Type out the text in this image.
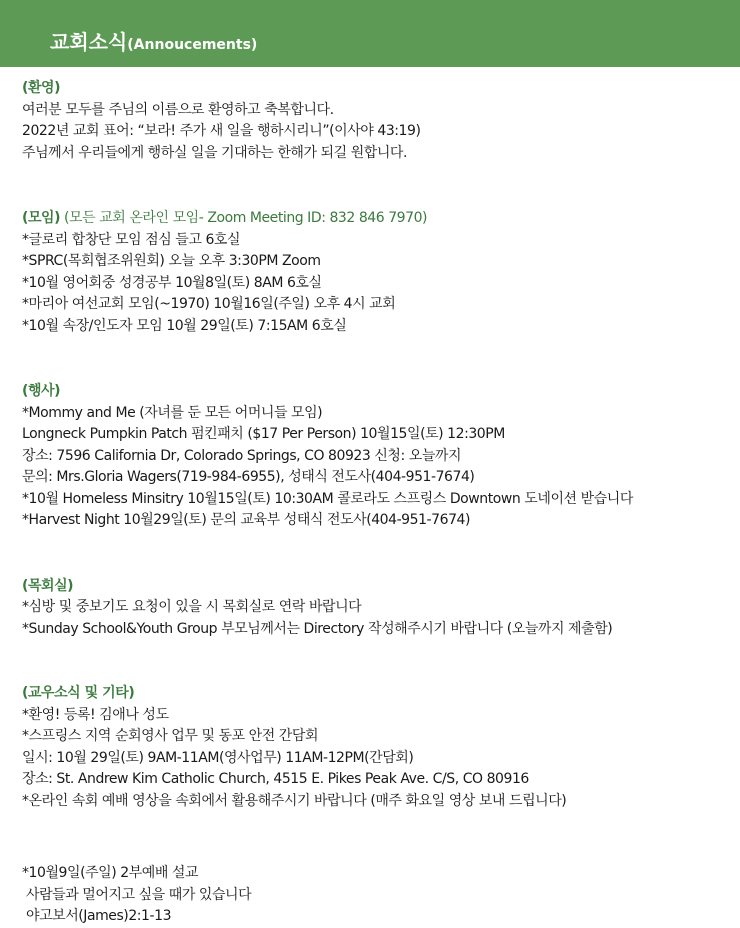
교회소식(Annoucements)
(환영)
여러분 모두를 주님의 이름으로 환영하고 축복합니다.
2022년 교회 표어: “보라! 주가 새 일을 행하시리니”(이사야 43:19)
주님께서 우리들에게 행하실 일을 기대하는 한해가 되길 원합니다.
(모임) (모든 교회 온라인 모임- Zoom Meeting ID: 832 846 7970)
*글로리 합창단 모임 점심 들고 6호실
*SPRC(목회협조위원회) 오늘 오후 3:30PM Zoom
*10월 영어회중 성경공부 10월8일(토) 8AM 6호실
*마리아 여선교회 모임(~1970) 10월16일(주일) 오후 4시 교회
*10월 속장/인도자 모임 10월 29일(토) 7:15AM 6호실
(행사)
*Mommy and Me (자녀를 둔 모든 어머니들 모임)
Longneck Pumpkin Patch 펌킨패치 ($17 Per Person) 10월15일(토) 12:30PM
장소: 7596 California Dr, Colorado Springs, CO 80923 신청: 오늘까지
문의: Mrs.Gloria Wagers(719-984-6955), 성태식 전도사(404-951-7674)
*10월 Homeless Minsitry 10월15일(토) 10:30AM 콜로라도 스프링스 Downtown 도네이션 받습니다
*Harvest Night 10월29일(토) 문의 교육부 성태식 전도사(404-951-7674)
(목회실)
*심방 및 중보기도 요청이 있을 시 목회실로 연락 바랍니다
*Sunday School&Youth Group 부모님께서는 Directory 작성해주시기 바랍니다 (오늘까지 제출함)
(교우소식 및 기타)
*환영! 등록! 김애나 성도
*스프링스 지역 순회영사 업무 및 동포 안전 간담회
일시: 10월 29일(토) 9AM-11AM(영사업무) 11AM-12PM(간담회)
장소: St. Andrew Kim Catholic Church, 4515 E. Pikes Peak Ave. C/S, CO 80916
*온라인 속회 예배 영상을 속회에서 활용해주시기 바랍니다 (매주 화요일 영상 보내 드립니다)
*10월9일(주일) 2부예배 설교
사람들과 멀어지고 싶을 때가 있습니다
야고보서(James)2:1-13
